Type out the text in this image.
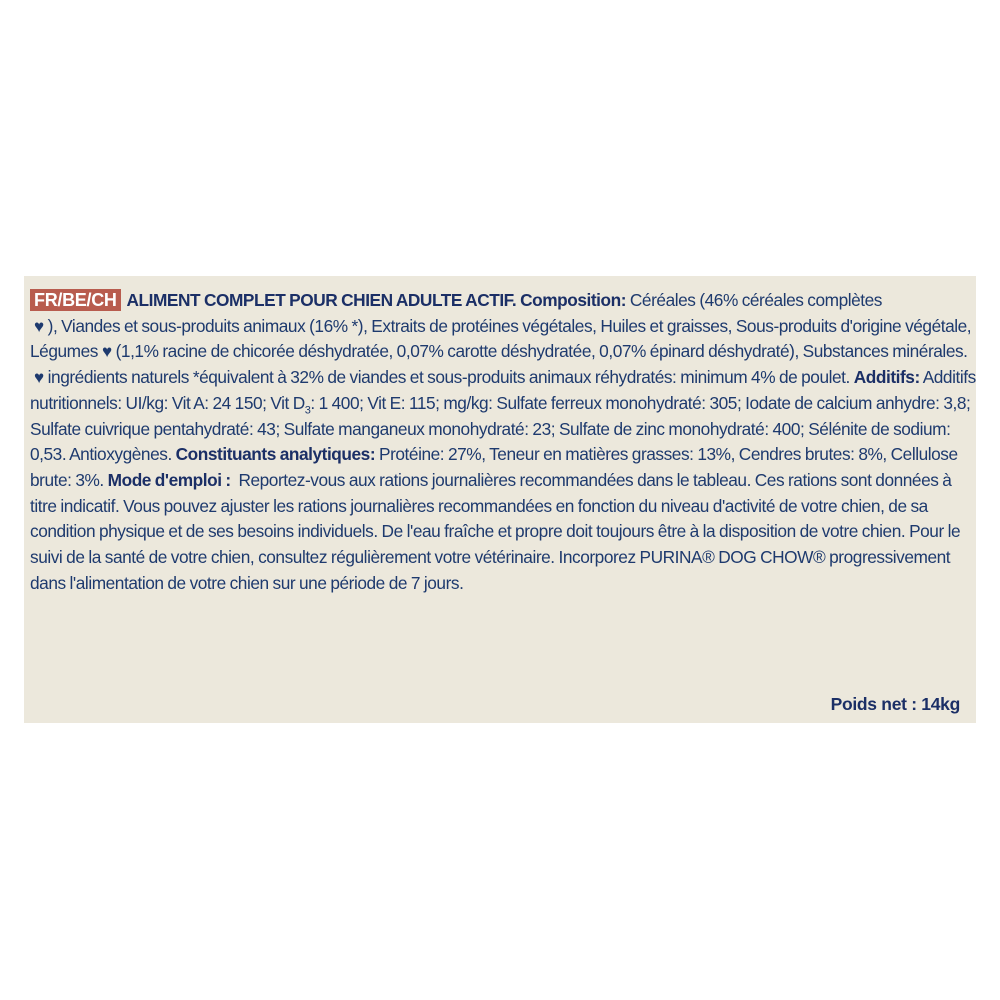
FR/BE/CH ALIMENT COMPLET POUR CHIEN ADULTE ACTIF. Composition: Céréales (46% céréales complètes
♥ ), Viandes et sous-produits animaux (16% *), Extraits de protéines végétales, Huiles et graisses, Sous-produits d'origine végétale, Légumes ♥ (1,1% racine de chicorée déshydratée, 0,07% carotte déshydratée, 0,07% épinard déshydraté), Substances minérales.♥ ingrédients naturels *équivalent à 32% de viandes et sous-produits animaux réhydratés: minimum 4% de poulet. Additifs: Additifs nutritionnels: UI/kg: Vit A: 24 150; Vit $D_3$: 1 400; Vit E: 115; mg/kg: Sulfate ferreux monohydraté: 305; Iodate de calcium anhydre: 3,8; Sulfate cuivrique pentahydraté: 43; Sulfate manganeux monohydraté: 23; Sulfate de zinc monohydraté: 400; Sélénite de sodium: 0,53. Antioxygènes. Constituants analytiques: Protéine: 27%, Teneur en matières grasses: 13%, Cendres brutes: 8%, Cellulose brute: 3%. Mode d'emploi : Reportez-vous aux rations journalières recommandées dans le tableau. Ces rations sont données à titre indicatif. Vous pouvez ajuster les rations journalières recommandées en fonction du niveau d'activité de votre chien, de sa condition physique et de ses besoins individuels. De l'eau fraîche et propre doit toujours être à la disposition de votre chien. Pour le suivi de la santé de votre chien, consultez régulièrement votre vétérinaire. Incorporez PURINA® DOG CHOW® progressivement dans l'alimentation de votre chien sur une période de 7 jours.
Poids net : 14kg
